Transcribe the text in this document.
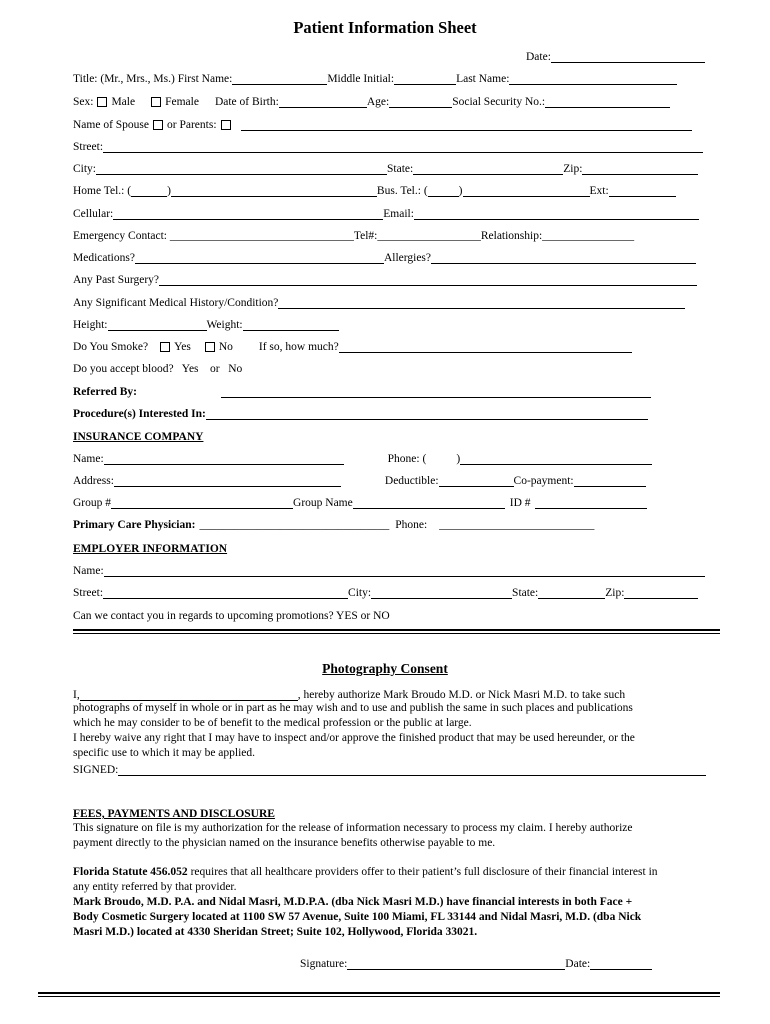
Patient Information Sheet
Date:
Title: (Mr., Mrs., Ms.) First Name:	Middle Initial:	Last Name:
Sex: Male	Female Date of Birth:	Age:	Social Security No.:
Name of Spouse or Parents:
Street:
City:	State:	Zip:
Home Tel.: (	)	Bus. Tel.: (	)	Ext:
Cellular:	Email:
Emergency Contact: ________________________________ Tel#:__________________ Relationship:________________
Medications?	Allergies?
Any Past Surgery?
Any Significant Medical History/Condition?
Height:	Weight:
Do You Smoke? Yes No If so, how much?
Do you accept blood?   Yes    or   No
Referred By:
Procedure(s) Interested In:
INSURANCE COMPANY
Name:	Phone: (	)
Address:	Deductible:	Co-payment:
Group #	Group Name	ID #
Primary Care Physician: _________________________________ Phone: ___________________________
EMPLOYER INFORMATION
Name:
Street:	City:	State:	Zip:
Can we contact you in regards to upcoming promotions? YES or NO
Photography Consent
I,	, hereby authorize Mark Broudo M.D. or Nick Masri M.D. to take such
photographs of myself in whole or in part as he may wish and to use and publish the same in such places and publications
which he may consider to be of benefit to the medical profession or the public at large.
I hereby waive any right that I may have to inspect and/or approve the finished product that may be used hereunder, or the
specific use to which it may be applied.
SIGNED:
FEES, PAYMENTS AND DISCLOSURE
This signature on file is my authorization for the release of information necessary to process my claim. I hereby authorize
payment directly to the physician named on the insurance benefits otherwise payable to me.
Florida Statute 456.052 requires that all healthcare providers offer to their patient’s full disclosure of their financial interest in
any entity referred by that provider.
Mark Broudo, M.D. P.A. and Nidal Masri, M.D.P.A. (dba Nick Masri M.D.) have financial interests in both Face +
Body Cosmetic Surgery located at 1100 SW 57 Avenue, Suite 100 Miami, FL 33144 and Nidal Masri, M.D. (dba Nick
Masri M.D.) located at 4330 Sheridan Street; Suite 102, Hollywood, Florida 33021.
Signature:	Date:
